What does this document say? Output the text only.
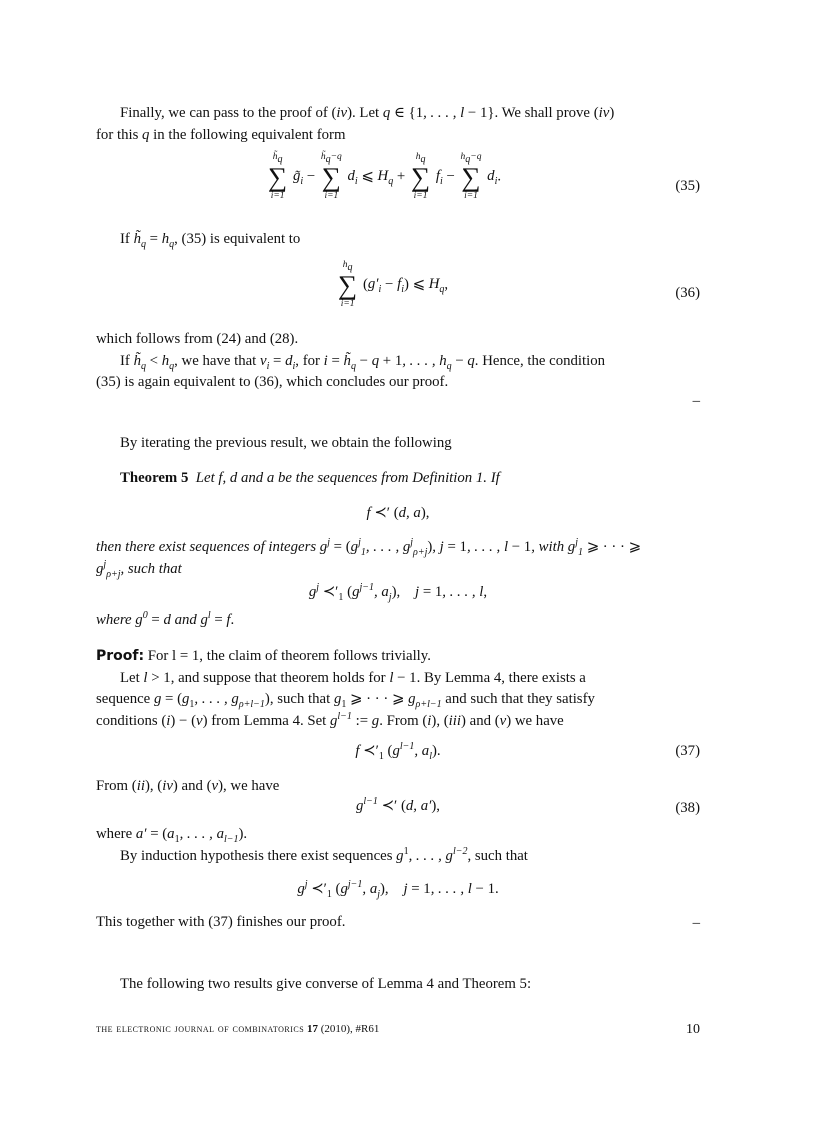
Finally, we can pass to the proof of (iv). Let q ∈ {1, . . . , l − 1}. We shall prove (iv)

for this q in the following equivalent form

$h̃_q$
∑
i=1
$g̃_i$ −
$h̃_q-q$
∑
i=1
$d_i$ ⩽ $H_q$ +
$h_q$
∑
i=1
$f_i$ −
$h_q-q$
∑
i=1
$d_i$.
(35)

If $h̃_q = h_q$, (35) is equivalent to

$h_q$
∑
i=1
$(g'_i - f_i)$ ⩽ $H_q$,
(36)

which follows from (24) and (28).

If $h̃_q < h_q$, we have that $\nu_i = d_i$, for $i = h̃_q - q + 1$, . . . , $h_q - q$. Hence, the condition

(35) is again equivalent to (36), which concludes our proof.

–

By iterating the previous result, we obtain the following

Theorem 5 Let f, d and a be the sequences from Definition 1. If

f ≺′ (d, a),

then there exist sequences of integers $g^j = (g^j_1$, . . . , $g^j_{\rho+j}$), j = 1, . . . , l − 1, with $g^j_1$ ⩾ · · · ⩾

$g^j_{\rho+j}$, such that

$g^j$ $≺'_1$ ($g^{j-1}$, $a_j$),    j = 1, . . . , l,

where $g^0 = d$ and $g^l = f$.

Proof: For l = 1, the claim of theorem follows trivially.

Let l > 1, and suppose that theorem holds for l − 1. By Lemma 4, there exists a

sequence $g = (g_1$, . . . , $g_{\rho+l-1}$), such that $g_1$ ⩾ · · · ⩾ $g_{\rho+l-1}$ and such that they satisfy

conditions (i) − (v) from Lemma 4. Set $g^{l-1}$ := g. From (i), (iii) and (v) we have

f $≺'_1$ ($g^{l-1}$, $a_l$).	(37)

From (ii), (iv) and (v), we have

$g^{l-1}$ ≺′ (d, a′),	(38)

where $a' = (a_1$, . . . , $a_{l-1}$).

By induction hypothesis there exist sequences $g^1$, . . . , $g^{l-2}$, such that

$g^j$ $≺'_1$ ($g^{j-1}$, $a_j$),    j = 1, . . . , l − 1.

This together with (37) finishes our proof.	–

The following two results give converse of Lemma 4 and Theorem 5:

the electronic journal of combinatorics 17 (2010), #R61	10
